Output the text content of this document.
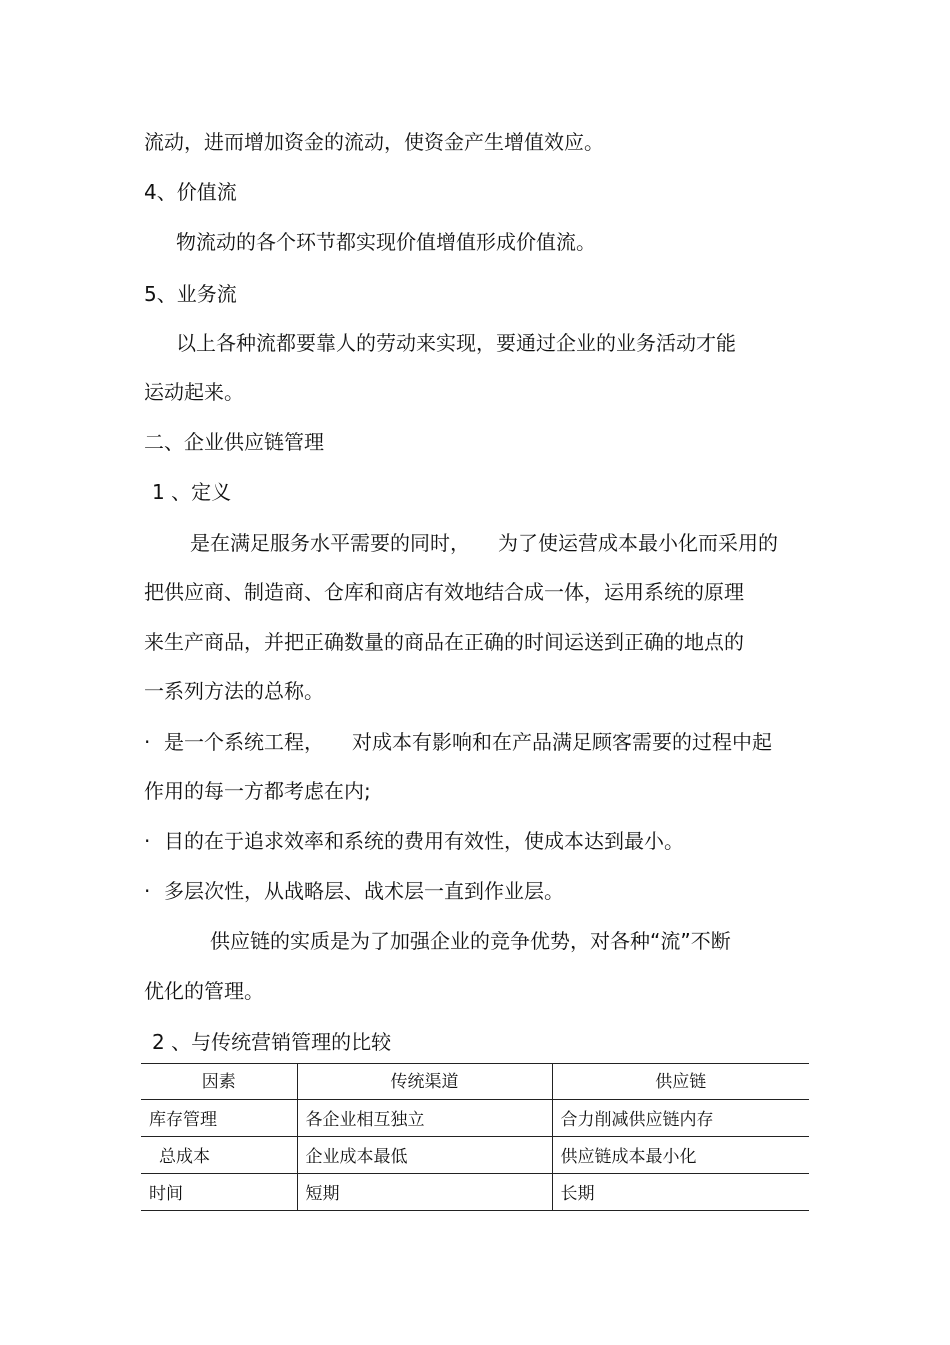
流动，进而增加资金的流动，使资金产生增值效应。
4、价值流
物流动的各个环节都实现价值增值形成价值流。
5、业务流
以上各种流都要靠人的劳动来实现，要通过企业的业务活动才能
运动起来。
二、企业供应链管理
1 、定义
是在满足服务水平需要的同时， 为了使运营成本最小化而采用的
把供应商、制造商、仓库和商店有效地结合成一体，运用系统的原理
来生产商品，并把正确数量的商品在正确的时间运送到正确的地点的
一系列方法的总称。
· 是一个系统工程， 对成本有影响和在产品满足顾客需要的过程中起
作用的每一方都考虑在内;
· 目的在于追求效率和系统的费用有效性，使成本达到最小。
· 多层次性，从战略层、战术层一直到作业层。
供应链的实质是为了加强企业的竞争优势，对各种“流”不断
优化的管理。
2 、与传统营销管理的比较
因素	传统渠道	供应链
库存管理	各企业相互独立	合力削减供应链内存
总成本	企业成本最低	供应链成本最小化
时间	短期	长期
